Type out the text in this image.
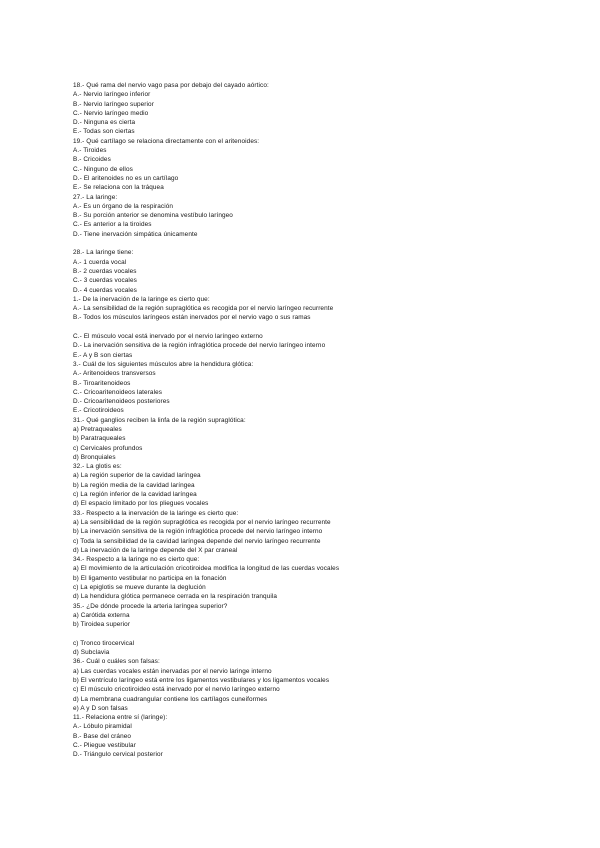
18.- Qué rama del nervio vago pasa por debajo del cayado aórtico:
A.- Nervio laríngeo inferior
B.- Nervio laríngeo superior
C.- Nervio laríngeo medio
D.- Ninguna es cierta
E.- Todas son ciertas
19.- Qué cartílago se relaciona directamente con el aritenoides:
A.- Tiroides
B.- Cricoides
C.- Ninguno de ellos
D.- El aritenoides no es un cartílago
E.- Se relaciona con la tráquea
27.- La laringe:
A.- Es un órgano de la respiración
B.- Su porción anterior se denomina vestíbulo laríngeo
C.- Es anterior a la tiroides
D.- Tiene inervación simpática únicamente
28.- La laringe tiene:
A.- 1 cuerda vocal
B.- 2 cuerdas vocales
C.- 3 cuerdas vocales
D.- 4 cuerdas vocales
1.- De la inervación de la laringe es cierto que:
A.- La sensibilidad de la región supraglótica es recogida por el nervio laríngeo recurrente
B.- Todos los músculos laríngeos están inervados por el nervio vago o sus ramas
C.- El músculo vocal está inervado por el nervio laríngeo externo
D.- La inervación sensitiva de la región infraglótica procede del nervio laríngeo interno
E.- A y B son ciertas
3.- Cuál de los siguientes músculos abre la hendidura glótica:
A.- Aritenoideos transversos
B.- Tiroaritenoideos
C.- Cricoaritenoideos laterales
D.- Cricoaritenoideos posteriores
E.- Cricotiroideos
31.- Qué ganglios reciben la linfa de la región supraglótica:
a) Pretraqueales
b) Paratraqueales
c) Cervicales profundos
d) Bronquiales
32.- La glotis es:
a) La región superior de la cavidad laríngea
b) La región media de la cavidad laríngea
c) La región inferior de la cavidad laríngea
d) El espacio limitado por los pliegues vocales
33.- Respecto a la inervación de la laringe es cierto que:
a) La sensibilidad de la región supraglótica es recogida por el nervio laríngeo recurrente
b) La inervación sensitiva de la región infraglótica procede del nervio laríngeo interno
c) Toda la sensibilidad de la cavidad laríngea depende del nervio laríngeo recurrente
d) La inervación de la laringe depende del X par craneal
34.- Respecto a la laringe no es cierto que:
a) El movimiento de la articulación cricotiroidea modifica la longitud de las cuerdas vocales
b) El ligamento vestibular no participa en la fonación
c) La epiglotis se mueve durante la deglución
d) La hendidura glótica permanece cerrada en la respiración tranquila
35.- ¿De dónde procede la arteria laríngea superior?
a) Carótida externa
b) Tiroidea superior
c) Tronco tirocervical
d) Subclavia
36.- Cuál o cuáles son falsas:
a) Las cuerdas vocales están inervadas por el nervio laringe interno
b) El ventrículo laríngeo está entre los ligamentos vestibulares y los ligamentos vocales
c) El músculo cricotiroideo está inervado por el nervio laríngeo externo
d) La membrana cuadrangular contiene los cartílagos cuneiformes
e) A y D son falsas
11.- Relaciona entre sí (laringe):
A.- Lóbulo piramidal
B.- Base del cráneo
C.- Pliegue vestibular
D.- Triángulo cervical posterior
